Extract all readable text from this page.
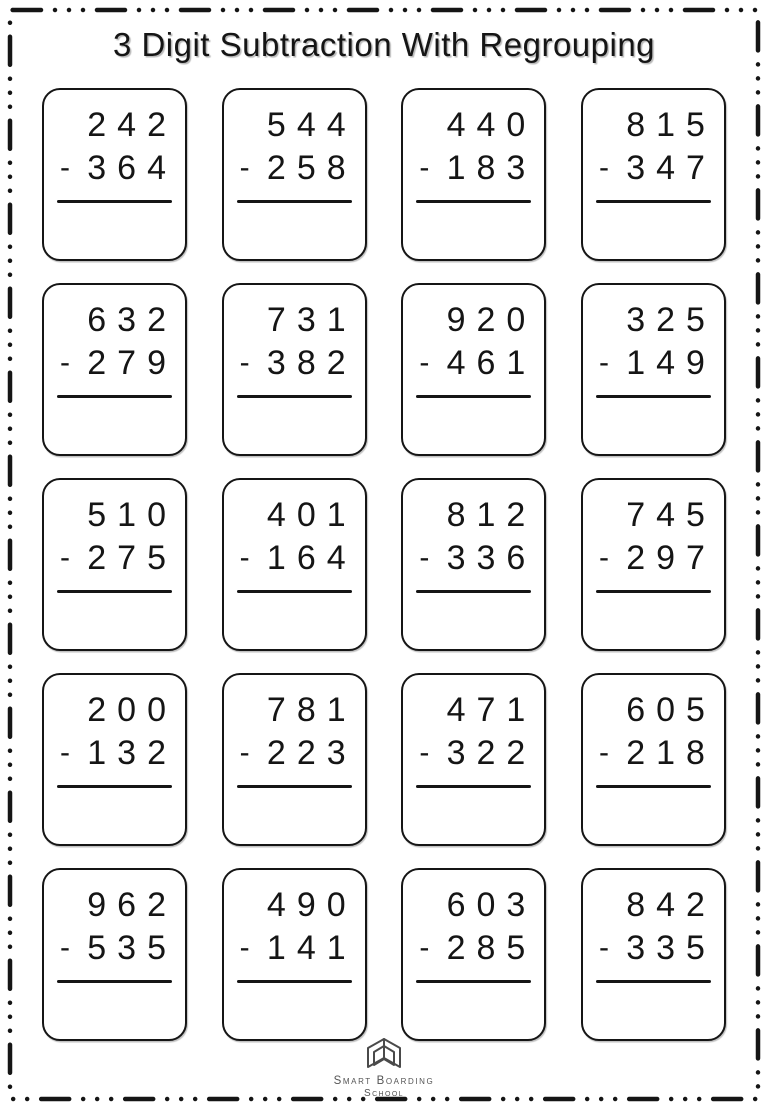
3 Digit Subtraction With Regrouping
242
- 364
544
- 258
440
- 183
815
- 347
632
- 279
731
- 382
920
- 461
325
- 149
510
- 275
401
- 164
812
- 336
745
- 297
200
- 132
781
- 223
471
- 322
605
- 218
962
- 535
490
- 141
603
- 285
842
- 335
Smart Boarding
School
